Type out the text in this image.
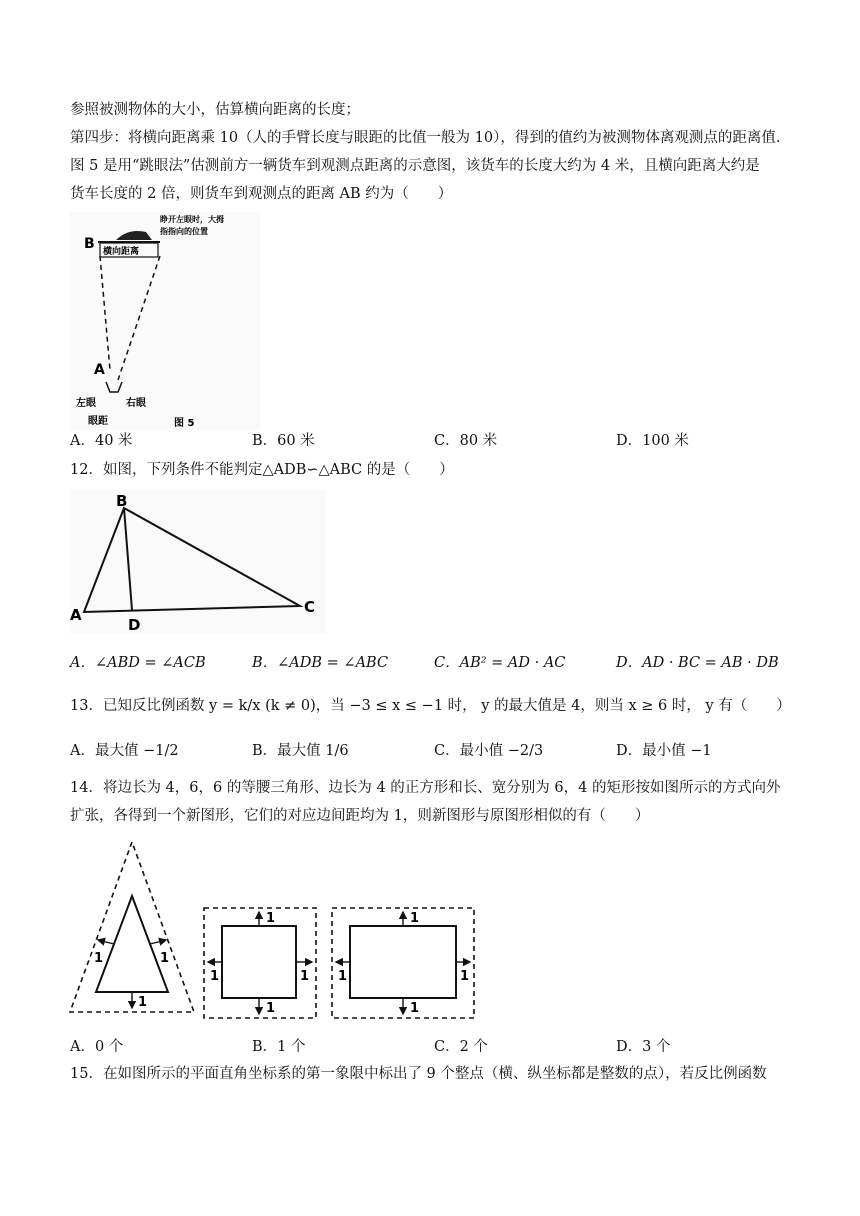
参照被测物体的大小，估算横向距离的长度；
第四步：将横向距离乘 10（人的手臂长度与眼距的比值一般为 10），得到的值约为被测物体离观测点的距离值.
图 5 是用“跳眼法”估测前方一辆货车到观测点距离的示意图，该货车的长度大约为 4 米，且横向距离大约是
货车长度的 2 倍，则货车到观测点的距离 AB 约为（　　）
横向距离
B
睁开左眼时，大拇
指指向的位置
A
左眼	右眼
眼距	图 5
A．40 米	B．60 米	C．80 米	D．100 米
12．如图，下列条件不能判定△ADB∽△ABC 的是（　　）
B
A
D
C
A．∠ABD = ∠ACB	B．∠ADB = ∠ABC	C．AB² = AD · AC	D．AD · BC = AB · DB
13．已知反比例函数 y = k/x (k ≠ 0)，当 −3 ≤ x ≤ −1 时， y 的最大值是 4，则当 x ≥ 6 时， y 有（　　）
A．最大值 −1/2	B．最大值 1/6	C．最小值 −2/3	D．最小值 −1
14．将边长为 4，6，6 的等腰三角形、边长为 4 的正方形和长、宽分别为 6，4 的矩形按如图所示的方式向外
扩张，各得到一个新图形，它们的对应边间距均为 1，则新图形与原图形相似的有（　　）
1	1
1
1
1	1
1
1
1	1
1
A．0 个	B．1 个	C．2 个	D．3 个
15．在如图所示的平面直角坐标系的第一象限中标出了 9 个整点（横、纵坐标都是整数的点），若反比例函数
